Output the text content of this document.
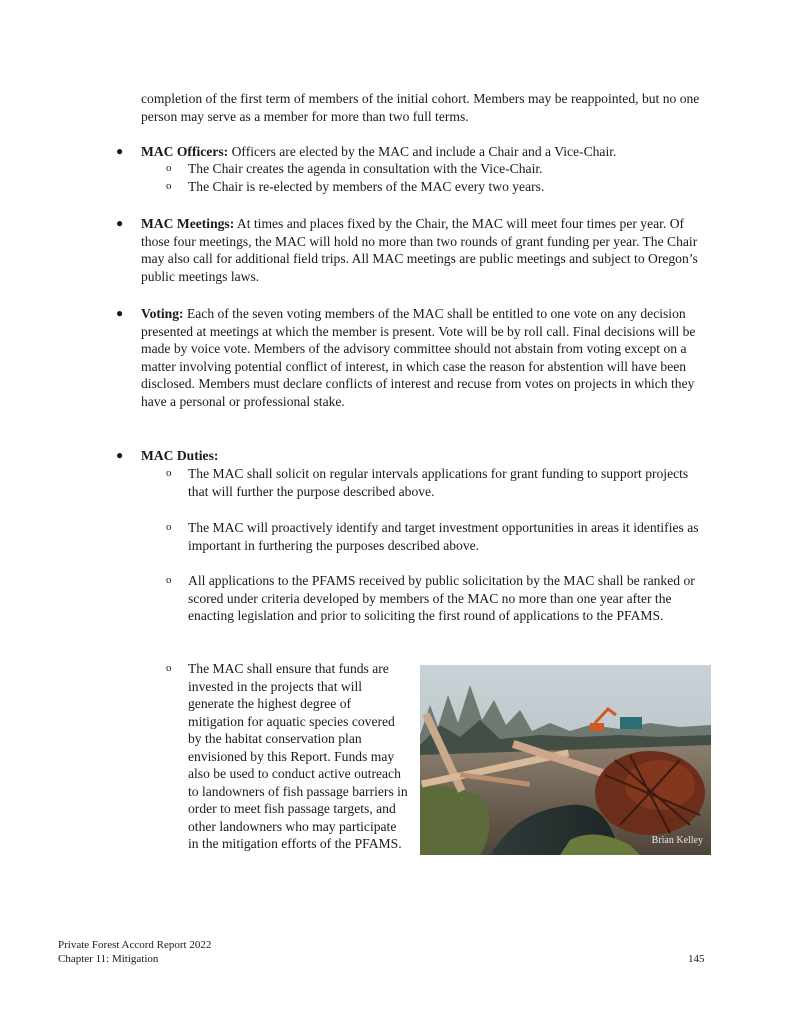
completion of the first term of members of the initial cohort. Members may be reappointed, but no one person may serve as a member for more than two full terms.

● MAC Officers: Officers are elected by the MAC and include a Chair and a Vice-Chair.

o The Chair creates the agenda in consultation with the Vice-Chair.

o The Chair is re-elected by members of the MAC every two years.

● MAC Meetings: At times and places fixed by the Chair, the MAC will meet four times per year. Of those four meetings, the MAC will hold no more than two rounds of grant funding per year. The Chair may also call for additional field trips. All MAC meetings are public meetings and subject to Oregon’s public meetings laws.

● Voting: Each of the seven voting members of the MAC shall be entitled to one vote on any decision presented at meetings at which the member is present. Vote will be by roll call. Final decisions will be made by voice vote. Members of the advisory committee should not abstain from voting except on a matter involving potential conflict of interest, in which case the reason for abstention will have been disclosed. Members must declare conflicts of interest and recuse from votes on projects in which they have a personal or professional stake.

● MAC Duties:

o The MAC shall solicit on regular intervals applications for grant funding to support projects that will further the purpose described above.

o The MAC will proactively identify and target investment opportunities in areas it identifies as important in furthering the purposes described above.

o All applications to the PFAMS received by public solicitation by the MAC shall be ranked or scored under criteria developed by members of the MAC no more than one year after the enacting legislation and prior to soliciting the first round of applications to the PFAMS.

o The MAC shall ensure that funds are invested in the projects that will generate the highest degree of mitigation for aquatic species covered by the habitat conservation plan envisioned by this Report. Funds may also be used to conduct active outreach to landowners of fish passage barriers in order to meet fish passage targets, and other landowners who may participate in the mitigation efforts of the PFAMS.	Brian Kelley
Private Forest Accord Report 2022
Chapter 11: Mitigation	145
